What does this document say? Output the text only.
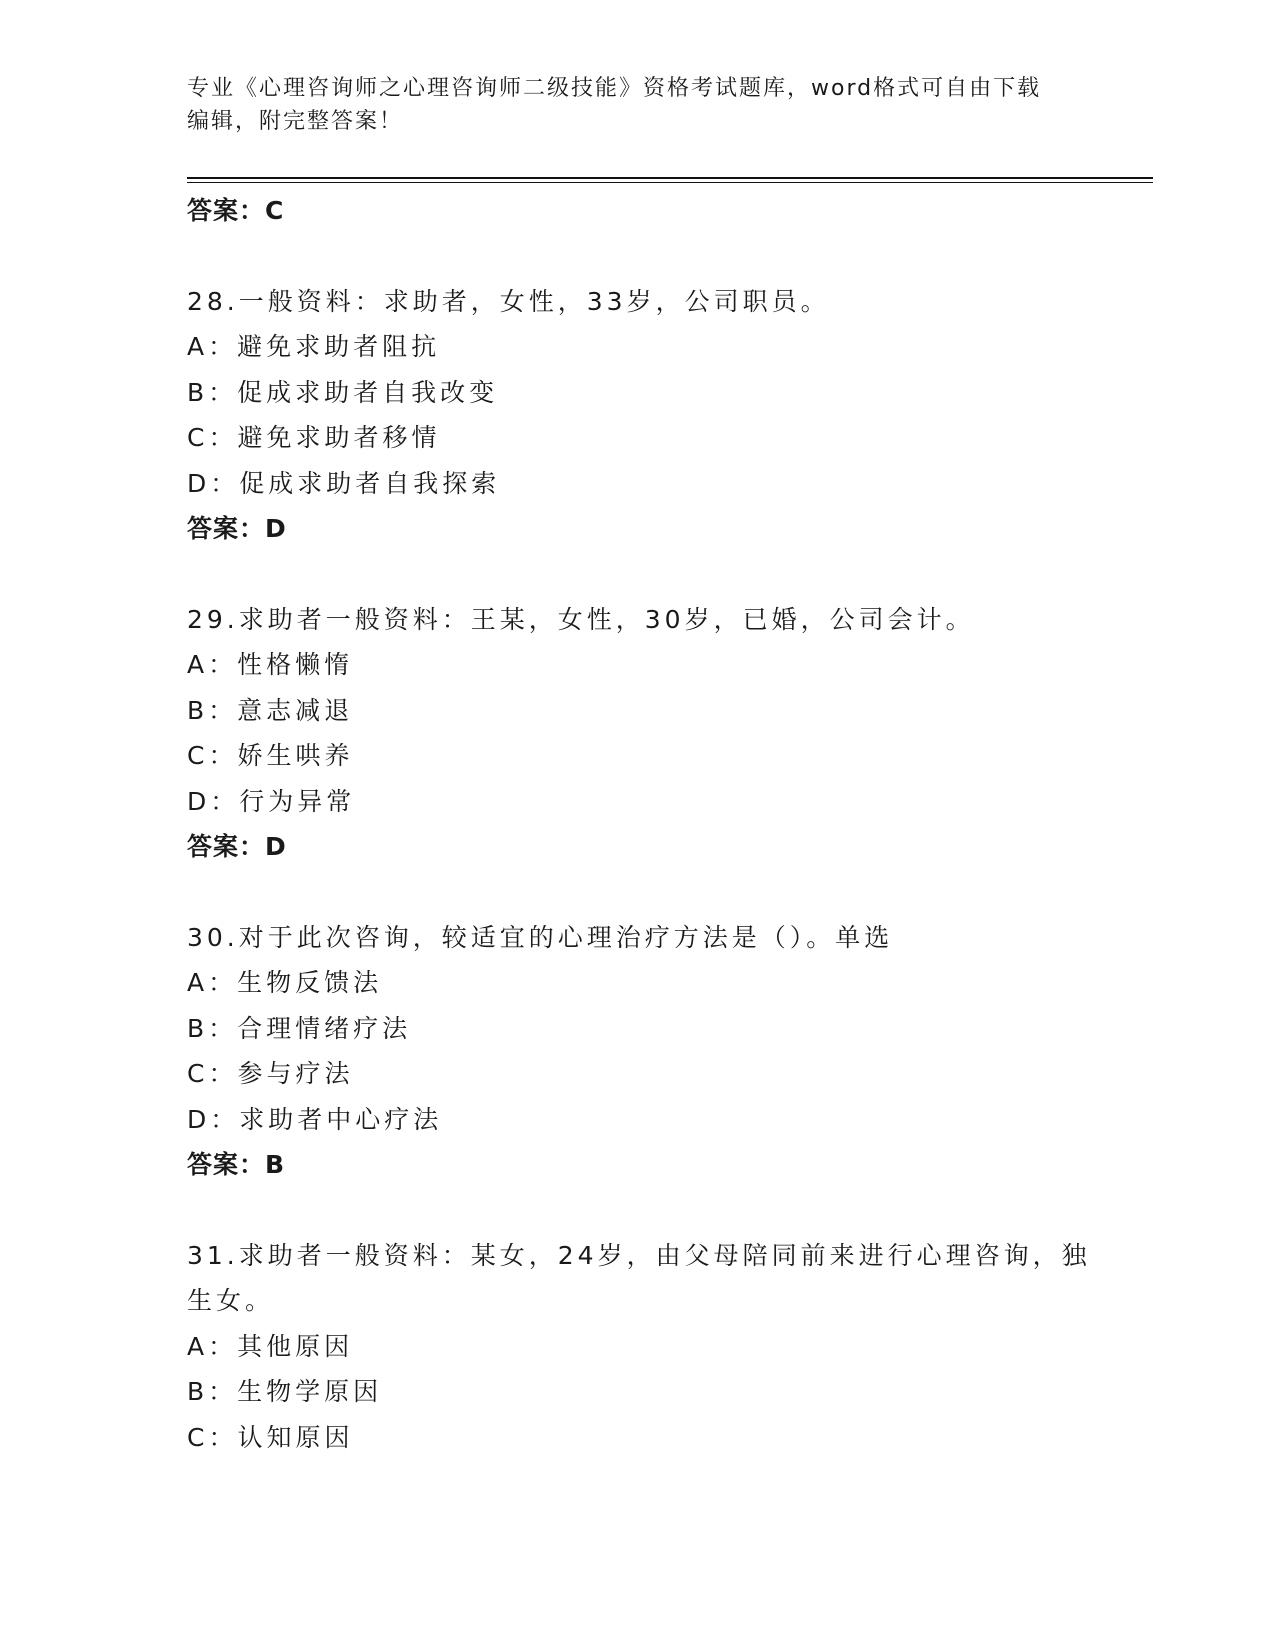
专业《心理咨询师之心理咨询师二级技能》资格考试题库，word格式可自由下载
编辑，附完整答案！
答案：C
28.一般资料：求助者，女性，33岁，公司职员。
A：避免求助者阻抗
B：促成求助者自我改变
C：避免求助者移情
D：促成求助者自我探索
答案：D
29.求助者一般资料：王某，女性，30岁，已婚，公司会计。
A：性格懒惰
B：意志减退
C：娇生哄养
D：行为异常
答案：D
30.对于此次咨询，较适宜的心理治疗方法是（）。单选
A：生物反馈法
B：合理情绪疗法
C：参与疗法
D：求助者中心疗法
答案：B
31.求助者一般资料：某女，24岁，由父母陪同前来进行心理咨询，独
生女。
A：其他原因
B：生物学原因
C：认知原因
